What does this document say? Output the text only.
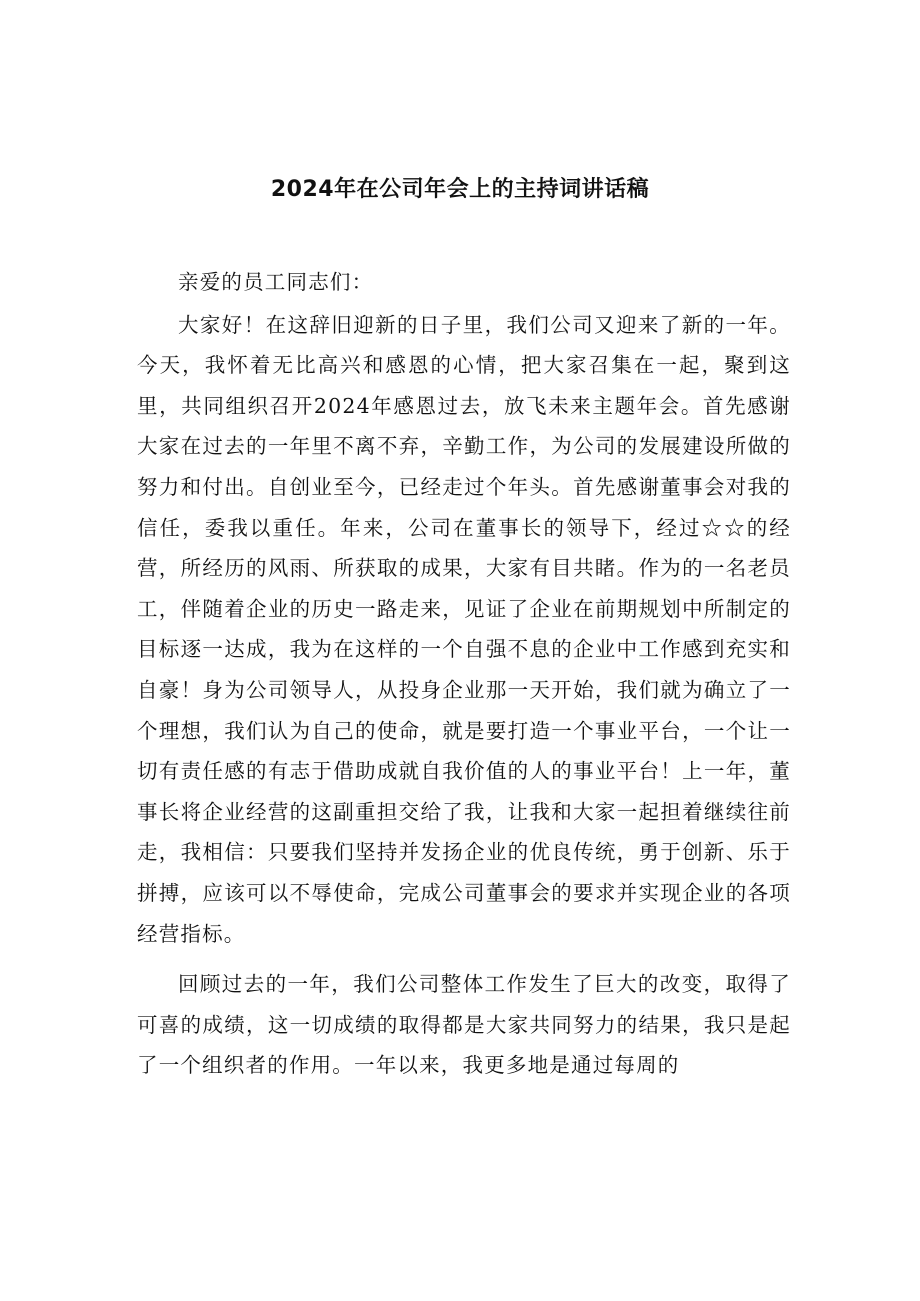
2024年在公司年会上的主持词讲话稿

亲爱的员工同志们：

大家好！在这辞旧迎新的日子里，我们公司又迎来了新的一年。今天，我怀着无比高兴和感恩的心情，把大家召集在一起，聚到这里，共同组织召开2024年感恩过去，放飞未来主题年会。首先感谢大家在过去的一年里不离不弃，辛勤工作，为公司的发展建设所做的努力和付出。自创业至今，已经走过个年头。首先感谢董事会对我的信任，委我以重任。年来，公司在董事长的领导下，经过☆☆的经营，所经历的风雨、所获取的成果，大家有目共睹。作为的一名老员工，伴随着企业的历史一路走来，见证了企业在前期规划中所制定的目标逐一达成，我为在这样的一个自强不息的企业中工作感到充实和自豪！身为公司领导人，从投身企业那一天开始，我们就为确立了一个理想，我们认为自己的使命，就是要打造一个事业平台，一个让一切有责任感的有志于借助成就自我价值的人的事业平台！上一年，董事长将企业经营的这副重担交给了我，让我和大家一起担着继续往前走，我相信：只要我们坚持并发扬企业的优良传统，勇于创新、乐于拼搏，应该可以不辱使命，完成公司董事会的要求并实现企业的各项经营指标。

回顾过去的一年，我们公司整体工作发生了巨大的改变，取得了可喜的成绩，这一切成绩的取得都是大家共同努力的结果，我只是起了一个组织者的作用。一年以来，我更多地是通过每周的
